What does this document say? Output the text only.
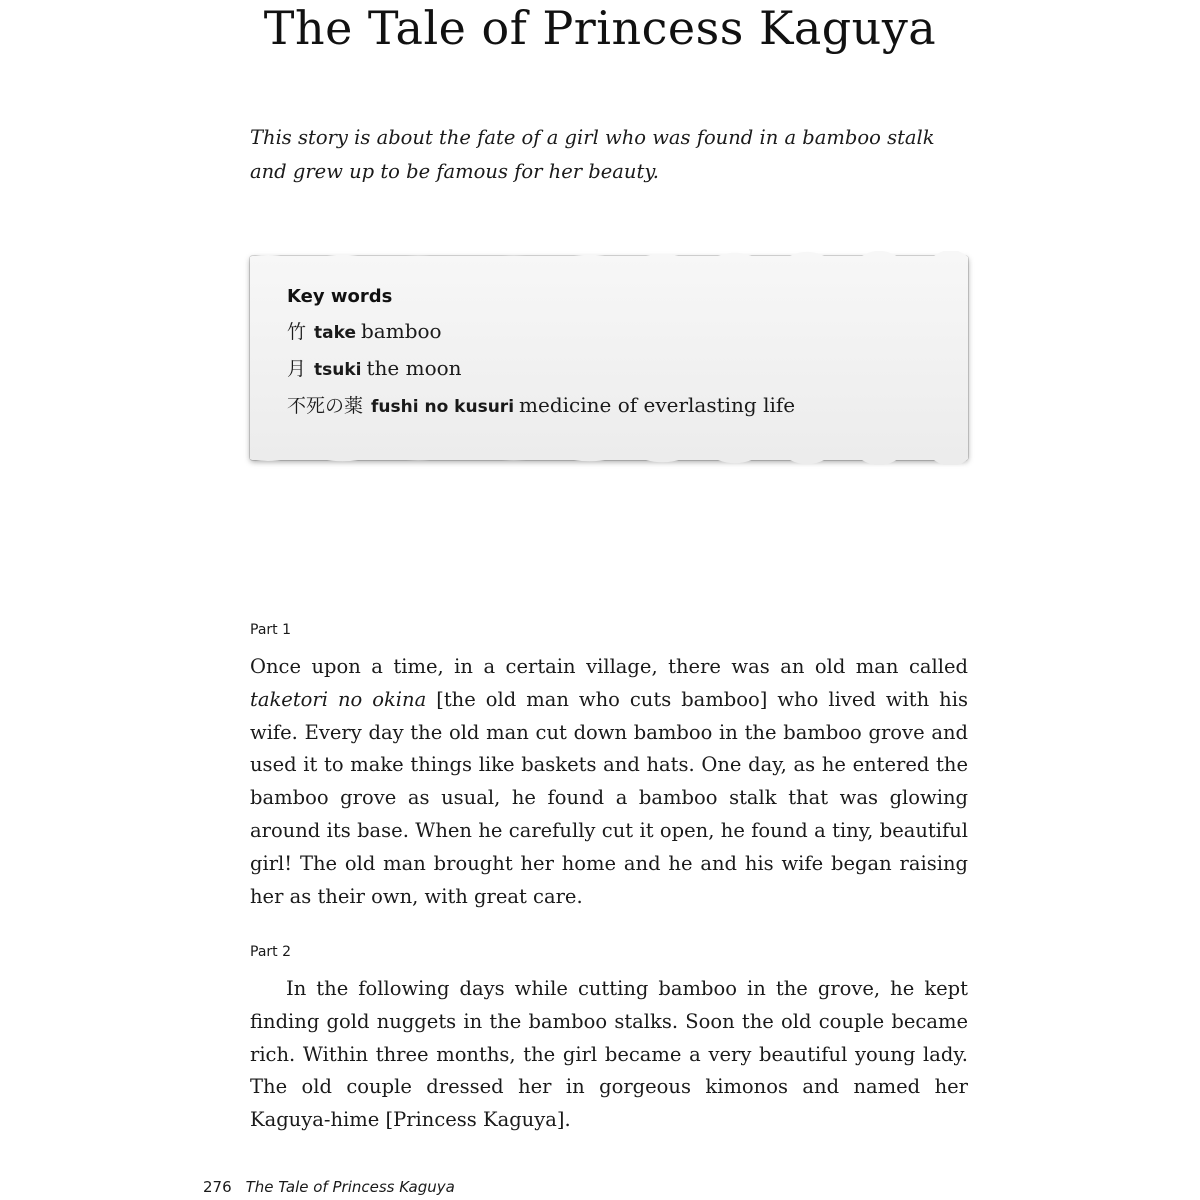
The Tale of Princess Kaguya

This story is about the fate of a girl who was found in a bamboo stalk and grew up to be famous for her beauty.

Key words

竹 take bamboo
月 tsuki the moon
不死の薬 fushi no kusuri medicine of everlasting life

Part 1

Once upon a time, in a certain village, there was an old man called taketori no okina [the old man who cuts bamboo] who lived with his wife. Every day the old man cut down bamboo in the bamboo grove and used it to make things like baskets and hats. One day, as he entered the bamboo grove as usual, he found a bamboo stalk that was glowing around its base. When he carefully cut it open, he found a tiny, beautiful girl! The old man brought her home and he and his wife began raising her as their own, with great care.

Part 2

In the following days while cutting bamboo in the grove, he kept finding gold nuggets in the bamboo stalks. Soon the old couple became rich. Within three months, the girl became a very beautiful young lady. The old couple dressed her in gorgeous kimonos and named her Kaguya-hime [Princess Kaguya].

276 The Tale of Princess Kaguya
